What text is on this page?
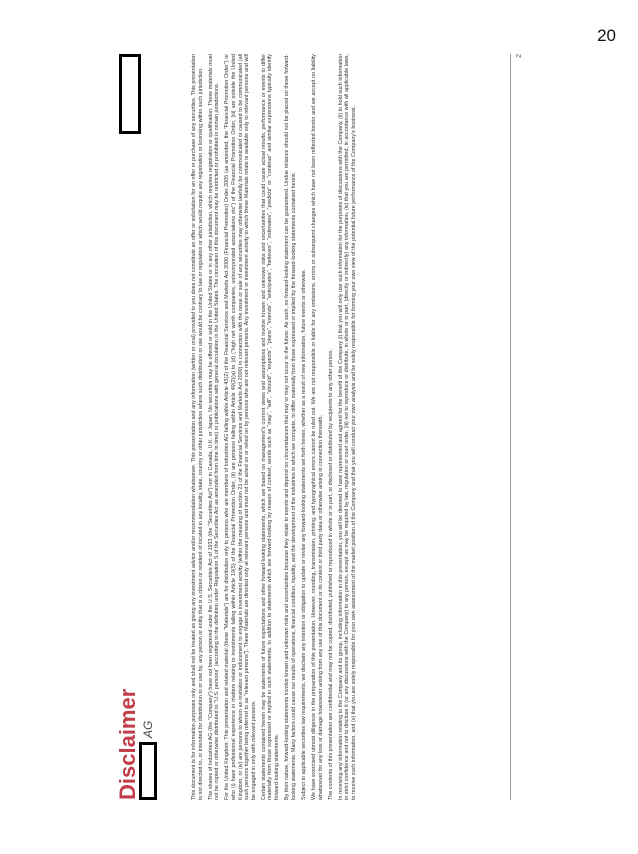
20
AG
Disclaimer	This document is for information purposes only and shall not be treated as giving any investment advice and/or recommendation whatsoever. This presentation and any information (written or oral) provided to you does not constitute an offer or solicitation for an offer or purchase of any securities. This presentation is not directed to, or intended for distribution to or use by, any person or entity that is a citizen or resident of located in any locality, state, country or other jurisdiction where such distribution or use would be contrary to law or regulation or which would require any registration or licensing within such jurisdiction. The shares of Industries AG (the "Company") have not been registered under the U.S. Securities Act of 1933 (the "Securities Act") nor in Canada, U.K. or Japan. No securities may be offered or sold in the United States or in any other jurisdiction, which requires registration or qualification. These materials must not be copied or otherwise distributed to "U.S. persons" (according to the definition under Regulation S of the Securities Act as amended from time to time) or publications with general circulation in the United States. The circulation of this document may be restricted or prohibited in certain jurisdictions. For the United Kingdom: This presentation and related material (these "Materials") are for distribution only to persons who are members of Industries AG falling within Article 43(2) of the Financial Services and Markets Act 2000 (Financial Promotion) Order 2005 (as amended, the "Financial Promotion Order") or who (i) have professional experience in matters relating to investments falling within Article 19(5) of the Financial Promotion Order, (ii) are persons falling within Article 49(2)(a) to (d) ("high net worth companies, unincorporated associations etc") of the Financial Promotion Order, (iii) are outside the United Kingdom, or (iv) are persons to whom an invitation or inducement to engage in investment activity (within the meaning of section 21 of the Financial Services and Markets Act 2000) in connection with the issue or sale of any securities may otherwise lawfully be communicated or caused to be communicated (all such persons together being referred to as "relevant persons"). These Materials are directed only at relevant persons and must not be acted on or relied on by persons who are not relevant persons. Any investment or investment activity to which these Materials relate is available only to relevant persons and will be engaged in only with relevant persons. Certain statements contained herein may be statements of future expectations and other forward-looking statements, which are based on management's current views and assumptions and involve known and unknown risks and uncertainties that could cause actual results, performance or events to differ materially from those expressed or implied in such statements. In addition to statements which are forward-looking by reason of context, words such as "may", "will", "should", "expects", "plans", "intends", "anticipates", "believes", "estimates", "predicts" or "continue" and similar expressions typically identify forward-looking statements. By their nature, forward-looking statements involve known and unknown risks and uncertainties because they relate to events and depend on circumstances that may or may not occur in the future. As such, no forward-looking statement can be guaranteed. Undue reliance should not be placed on these forward-looking statements. Many factors could cause our results of operations, financial condition, liquidity, and the development of the industries in which we compete, to differ materially from those expressed or implied by the forward-looking statements contained herein. Subject to applicable securities law requirements, we disclaim any intention or obligation to update or revise any forward-looking statements set forth herein, whether as a result of new information, future events or otherwise. We have exercised utmost diligence in the preparation of this presentation. However, rounding, transmission, printing, and typographical errors cannot be ruled out. We are not responsible or liable for any omissions, errors or subsequent changes which have not been reflected herein and we accept no liability whatsoever for any loss or damage howsoever arising from any use of this document or its content or third party data or otherwise arising in connection therewith. The contents of this presentation are confidential and may not be copied, distributed, published or reproduced in whole or in part, or disclosed or distributed by recipients to any other person. In receiving any information relating to the Company and its group, including information in this presentation, you will be deemed to have represented and agreed for the benefit of the Company (i) that you will only use such information for the purposes of discussions with the Company, (ii) to hold such information in strict confidence and not to disclose it (or any discussions with the Company) to any person, except as may be required by law, regulation or court order, (iii) not to reproduce or distribute, in whole or in part, (directly or indirectly) any information, (iv) that you are permitted, in accordance with all applicable laws, to receive such information, and (v) that you are solely responsible for your own assessment of the market position of the Company and that you will conduct your own analysis and be solely responsible for forming your own view of the potential future performance of the Company's business.

2
